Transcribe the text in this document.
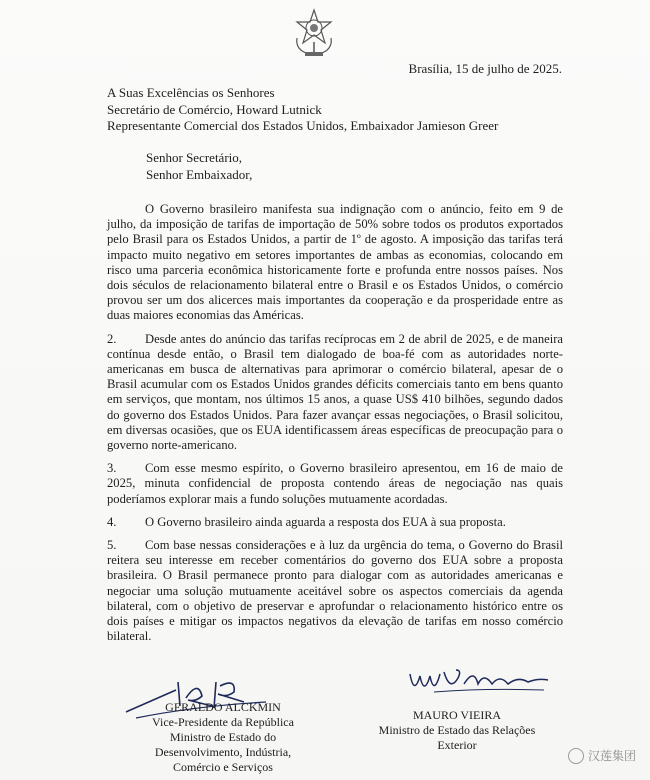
Brasília, 15 de julho de 2025.
A Suas Excelências os Senhores
Secretário de Comércio, Howard Lutnick
Representante Comercial dos Estados Unidos, Embaixador Jamieson Greer
Senhor Secretário,
Senhor Embaixador,

O Governo brasileiro manifesta sua indignação com o anúncio, feito em 9 de julho, da imposição de tarifas de importação de 50% sobre todos os produtos exportados pelo Brasil para os Estados Unidos, a partir de 1º de agosto. A imposição das tarifas terá impacto muito negativo em setores importantes de ambas as economias, colocando em risco uma parceria econômica historicamente forte e profunda entre nossos países. Nos dois séculos de relacionamento bilateral entre o Brasil e os Estados Unidos, o comércio provou ser um dos alicerces mais importantes da cooperação e da prosperidade entre as duas maiores economias das Américas.

2. Desde antes do anúncio das tarifas recíprocas em 2 de abril de 2025, e de maneira contínua desde então, o Brasil tem dialogado de boa-fé com as autoridades norte-americanas em busca de alternativas para aprimorar o comércio bilateral, apesar de o Brasil acumular com os Estados Unidos grandes déficits comerciais tanto em bens quanto em serviços, que montam, nos últimos 15 anos, a quase US$ 410 bilhões, segundo dados do governo dos Estados Unidos. Para fazer avançar essas negociações, o Brasil solicitou, em diversas ocasiões, que os EUA identificassem áreas específicas de preocupação para o governo norte-americano.

3. Com esse mesmo espírito, o Governo brasileiro apresentou, em 16 de maio de 2025, minuta confidencial de proposta contendo áreas de negociação nas quais poderíamos explorar mais a fundo soluções mutuamente acordadas.

4. O Governo brasileiro ainda aguarda a resposta dos EUA à sua proposta.

5. Com base nessas considerações e à luz da urgência do tema, o Governo do Brasil reitera seu interesse em receber comentários do governo dos EUA sobre a proposta brasileira. O Brasil permanece pronto para dialogar com as autoridades americanas e negociar uma solução mutuamente aceitável sobre os aspectos comerciais da agenda bilateral, com o objetivo de preservar e aprofundar o relacionamento histórico entre os dois países e mitigar os impactos negativos da elevação de tarifas em nosso comércio bilateral.

GERALDO ALCKMIN
Vice-Presidente da República
Ministro de Estado do
Desenvolvimento, Indústria,
Comércio e Serviços
MAURO VIEIRA
Ministro de Estado das Relações
Exterior
汉莲集团
